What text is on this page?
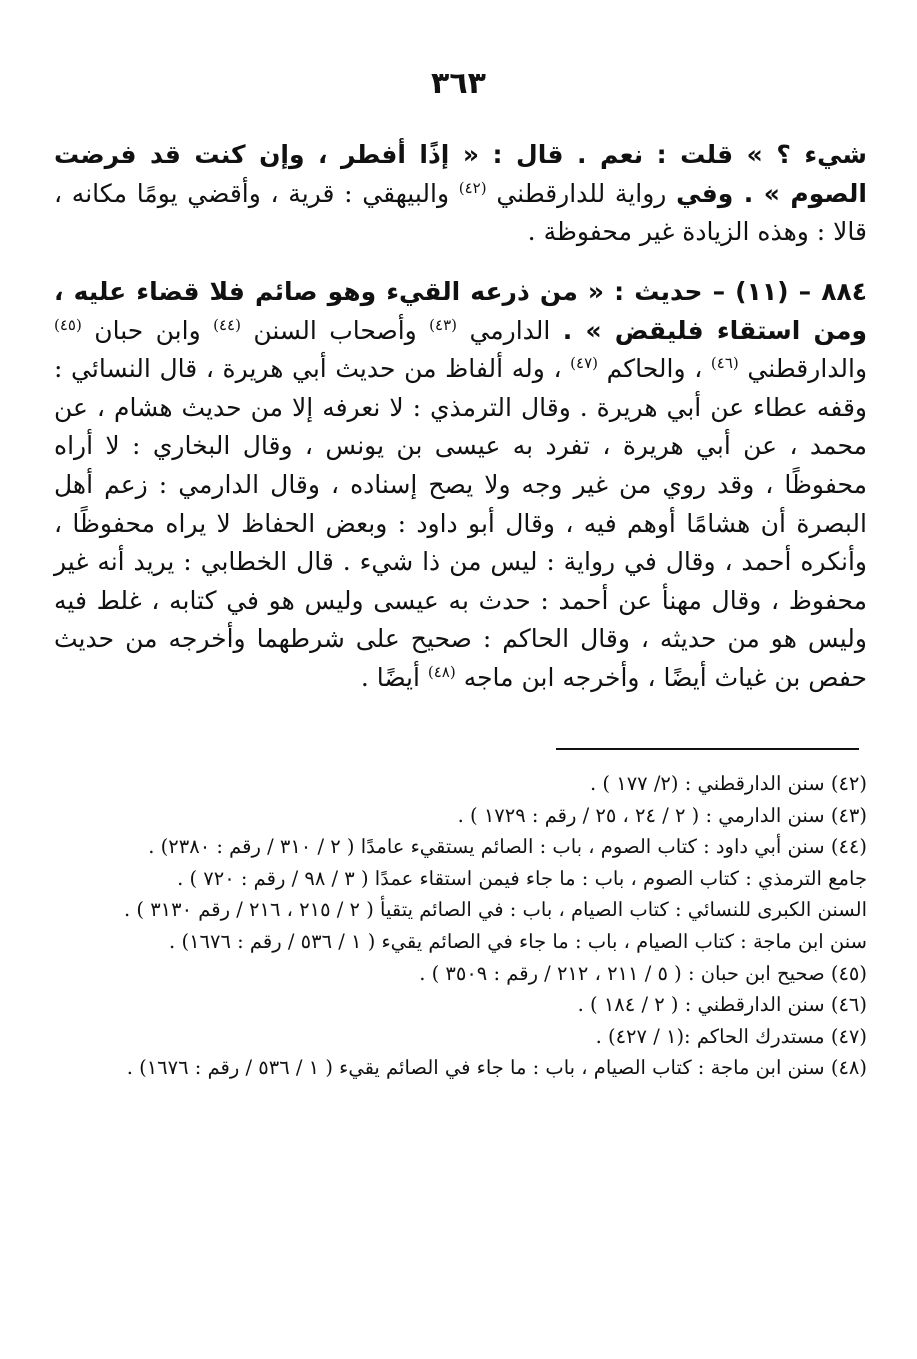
٣٦٣
شيء ؟ » قلت : نعم . قال : « إذًا أفطر ، وإن كنت قد فرضت الصوم » . وفي رواية للدارقطني $^{(٤٢)}$ والبيهقي : قرية ، وأقضي يومًا مكانه ، قالا : وهذه الزيادة غير محفوظة .
٨٨٤ – (١١) – حديث : « من ذرعه القيء وهو صائم فلا قضاء عليه ، ومن استقاء فليقض » . الدارمي $^{(٤٣)}$ وأصحاب السنن $^{(٤٤)}$ وابن حبان $^{(٤٥)}$ والدارقطني $^{(٤٦)}$ ، والحاكم $^{(٤٧)}$ ، وله ألفاظ من حديث أبي هريرة ، قال النسائي : وقفه عطاء عن أبي هريرة . وقال الترمذي : لا نعرفه إلا من حديث هشام ، عن محمد ، عن أبي هريرة ، تفرد به عيسى بن يونس ، وقال البخاري : لا أراه محفوظًا ، وقد روي من غير وجه ولا يصح إسناده ، وقال الدارمي : زعم أهل البصرة أن هشامًا أوهم فيه ، وقال أبو داود : وبعض الحفاظ لا يراه محفوظًا ، وأنكره أحمد ، وقال في رواية : ليس من ذا شيء . قال الخطابي : يريد أنه غير محفوظ ، وقال مهنأ عن أحمد : حدث به عيسى وليس هو في كتابه ، غلط فيه وليس هو من حديثه ، وقال الحاكم : صحيح على شرطهما وأخرجه من حديث حفص بن غياث أيضًا ، وأخرجه ابن ماجه $^{(٤٨)}$ أيضًا .

(٤٢) سنن الدارقطني : (٢/ ١٧٧ ) .

(٤٣) سنن الدارمي : ( ٢ / ٢٤ ، ٢٥ / رقم : ١٧٢٩ ) .

(٤٤) سنن أبي داود : كتاب الصوم ، باب : الصائم يستقيء عامدًا ( ٢ / ٣١٠ / رقم : ٢٣٨٠) .

جامع الترمذي : كتاب الصوم ، باب : ما جاء فيمن استقاء عمدًا ( ٣ / ٩٨ / رقم : ٧٢٠ ) .

السنن الكبرى للنسائي : كتاب الصيام ، باب : في الصائم يتقيأ ( ٢ / ٢١٥ ، ٢١٦ / رقم ٣١٣٠ ) .

سنن ابن ماجة : كتاب الصيام ، باب : ما جاء في الصائم يقيء ( ١ / ٥٣٦ / رقم : ١٦٧٦) .

(٤٥) صحيح ابن حبان : ( ٥ / ٢١١ ، ٢١٢ / رقم : ٣٥٠٩ ) .

(٤٦) سنن الدارقطني : ( ٢ / ١٨٤ ) .

(٤٧) مستدرك الحاكم :(١ / ٤٢٧) .

(٤٨) سنن ابن ماجة : كتاب الصيام ، باب : ما جاء في الصائم يقيء ( ١ / ٥٣٦ / رقم : ١٦٧٦) .
